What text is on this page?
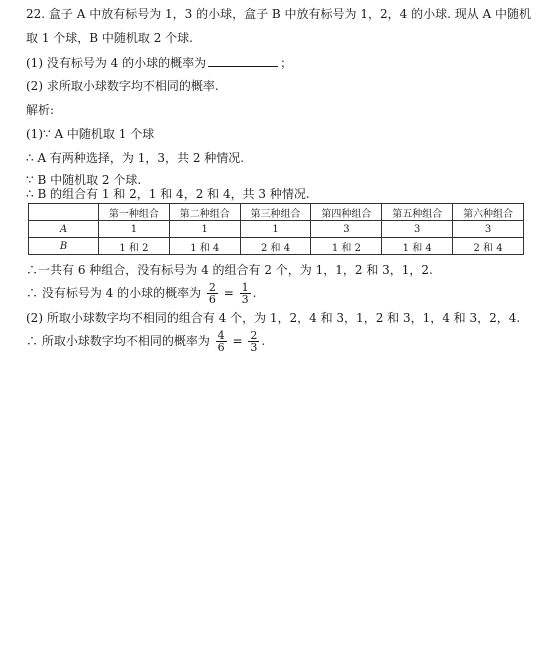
22. 盒子 A 中放有标号为 1，3 的小球，盒子 B 中放有标号为 1，2，4 的小球. 现从 A 中随机
取 1 个球，B 中随机取 2 个球.
(1) 没有标号为 4 的小球的概率为	；
(2) 求所取小球数字均不相同的概率.
解析:
(1)∵ A 中随机取 1 个球
∴ A 有两种选择，为 1，3，共 2 种情况.
∵ B 中随机取 2 个球.
∴ B 的组合有 1 和 2，1 和 4，2 和 4，共 3 种情况.
	第一种组合	第二种组合	第三种组合	第四种组合	第五种组合	第六种组合
A	1	1	1	3	3	3
B	1 和 2	1 和 4	2 和 4	1 和 2	1 和 4	2 和 4
∴一共有 6 种组合，没有标号为 4 的组合有 2 个，为 1，1，2 和 3，1，2.
∴ 没有标号为 4 的小球的概率为 $\frac{2}{6} = \frac{1}{3}$ .
(2) 所取小球数字均不相同的组合有 4 个，为 1，2，4 和 3，1，2 和 3，1，4 和 3，2，4.
∴ 所取小球数字均不相同的概率为 $\frac{4}{6} = \frac{2}{3}$ .
